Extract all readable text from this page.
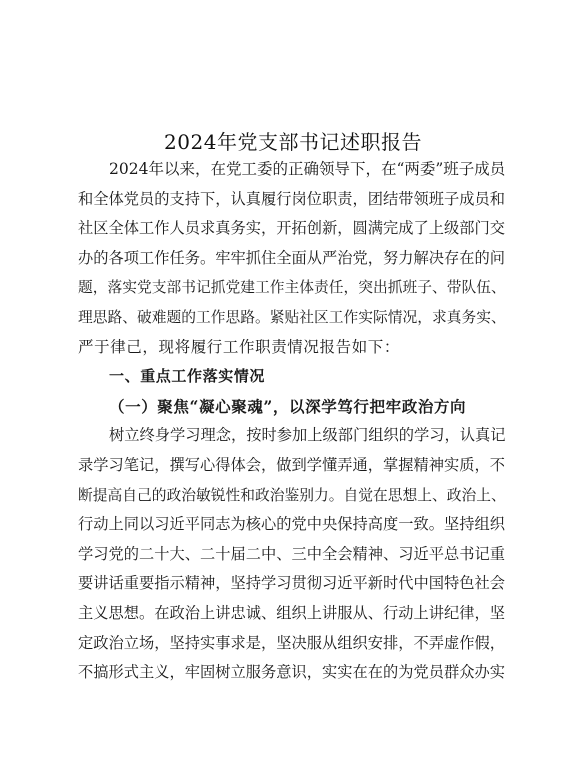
2024年党支部书记述职报告
2024年以来，在党工委的正确领导下，在“两委”班子成员
和全体党员的支持下，认真履行岗位职责，团结带领班子成员和
社区全体工作人员求真务实，开拓创新，圆满完成了上级部门交
办的各项工作任务。牢牢抓住全面从严治党，努力解决存在的问
题，落实党支部书记抓党建工作主体责任，突出抓班子、带队伍、
理思路、破难题的工作思路。紧贴社区工作实际情况，求真务实、
严于律己，现将履行工作职责情况报告如下：
一、重点工作落实情况
（一）聚焦“凝心聚魂”，以深学笃行把牢政治方向
树立终身学习理念，按时参加上级部门组织的学习，认真记
录学习笔记，撰写心得体会，做到学懂弄通，掌握精神实质，不
断提高自己的政治敏锐性和政治鉴别力。自觉在思想上、政治上、
行动上同以习近平同志为核心的党中央保持高度一致。坚持组织
学习党的二十大、二十届二中、三中全会精神、习近平总书记重
要讲话重要指示精神，坚持学习贯彻习近平新时代中国特色社会
主义思想。在政治上讲忠诚、组织上讲服从、行动上讲纪律，坚
定政治立场，坚持实事求是，坚决服从组织安排，不弄虚作假，
不搞形式主义，牢固树立服务意识，实实在在的为党员群众办实
